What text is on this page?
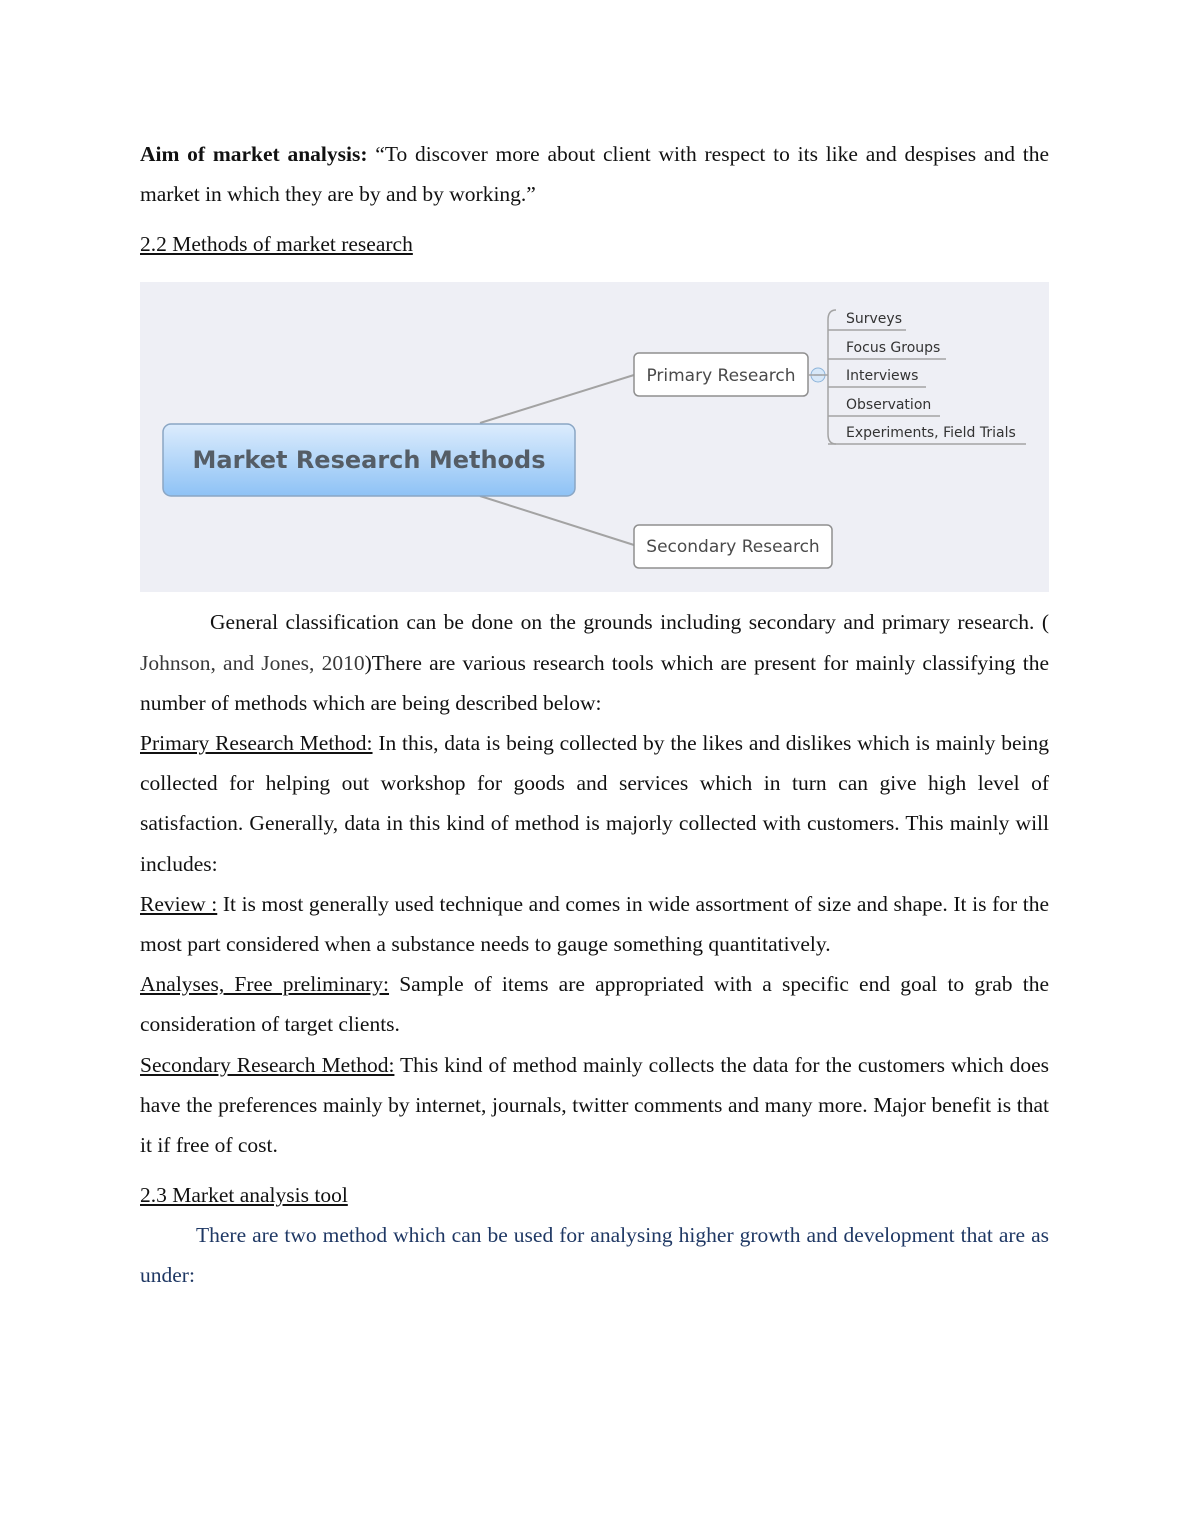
Aim of market analysis: “To discover more about client with respect to its like and despises and the market in which they are by and by working.”

2.2 Methods of market research

Market Research Methods
Primary Research
Secondary Research
Surveys
Focus Groups
Interviews
Observation
Experiments, Field Trials

General classification can be done on the grounds including secondary and primary research. ( Johnson, and Jones, 2010)There are various research tools which are present for mainly classifying the number of methods which are being described below:

Primary Research Method: In this, data is being collected by the likes and dislikes which is mainly being collected for helping out workshop for goods and services which in turn can give high level of satisfaction. Generally, data in this kind of method is majorly collected with customers. This mainly will includes:

Review : It is most generally used technique and comes in wide assortment of size and shape. It is for the most part considered when a substance needs to gauge something quantitatively.

Analyses, Free preliminary: Sample of items are appropriated with a specific end goal to grab the consideration of target clients.

Secondary Research Method: This kind of method mainly collects the data for the customers which does have the preferences mainly by internet, journals, twitter comments and many more. Major benefit is that it if free of cost.

2.3 Market analysis tool

There are two method which can be used for analysing higher growth and development that are as under:
